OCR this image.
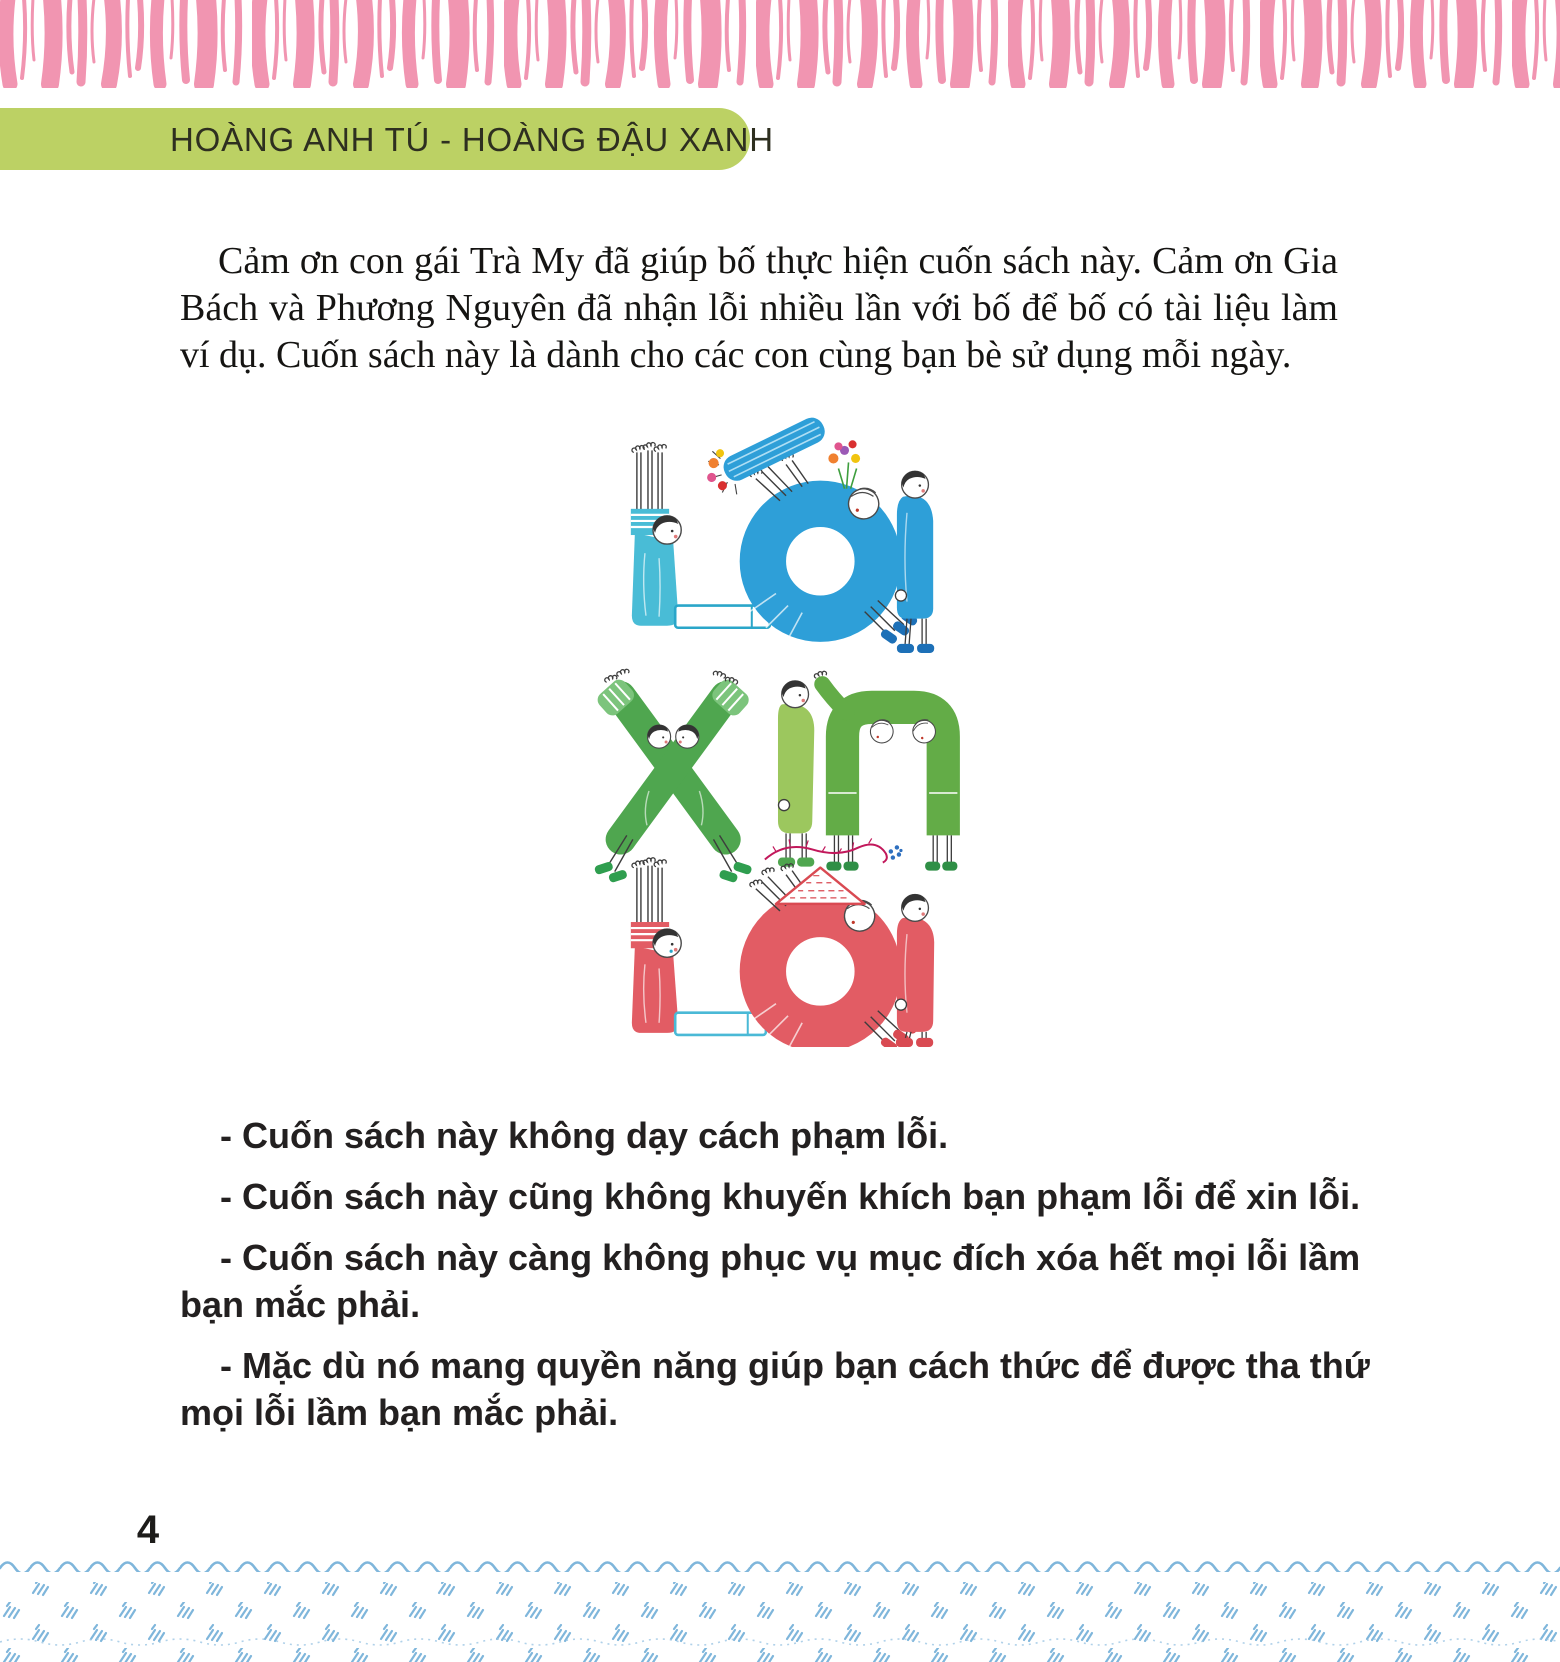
HOÀNG ANH TÚ - HOÀNG ĐẬU XANH

Cảm ơn con gái Trà My đã giúp bố thực hiện cuốn sách này. Cảm ơn Gia Bách và Phương Nguyên đã nhận lỗi nhiều lần với bố để bố có tài liệu làm ví dụ. Cuốn sách này là dành cho các con cùng bạn bè sử dụng mỗi ngày.

- Cuốn sách này không dạy cách phạm lỗi.

- Cuốn sách này cũng không khuyến khích bạn phạm lỗi để xin lỗi.

- Cuốn sách này càng không phục vụ mục đích xóa hết mọi lỗi lầm bạn mắc phải.

- Mặc dù nó mang quyền năng giúp bạn cách thức để được tha thứ mọi lỗi lầm bạn mắc phải.

4
